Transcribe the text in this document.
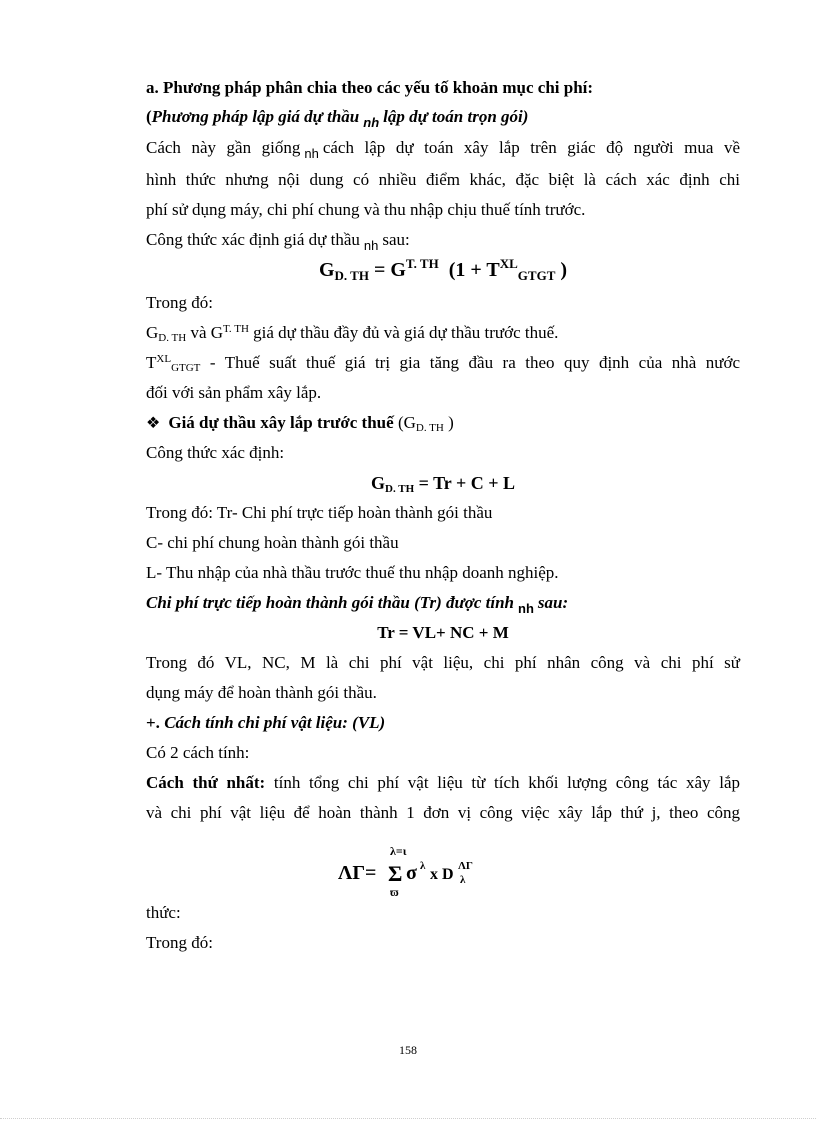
a. Phương pháp phân chia theo các yếu tố khoản mục chi phí:
(Phương pháp lập giá dự thầu $_{nh}$ lập dự toán trọn gói)
Cách này gần giống $_{nh}$ cách lập dự toán xây lắp trên giác độ người mua về
hình thức nhưng nội dung có nhiều điểm khác, đặc biệt là cách xác định chi
phí sử dụng máy, chi phí chung và thu nhập chịu thuế tính trước.
Công thức xác định giá dự thầu $_{nh}$ sau:
$G_{D. TH} = G^{T. TH}$ ($1 + T^{XL}_{GTGT}$ )
Trong đó:
$G_{D. TH}$ và $G^{T. TH}$ giá dự thầu đầy đủ và giá dự thầu trước thuế.
$T^{XL}_{GTGT}$ - Thuế suất thuế giá trị gia tăng đầu ra theo quy định của nhà nước
đối với sản phẩm xây lắp.
❖ Giá dự thầu xây lắp trước thuế ($G_{D. TH}$ )
Công thức xác định:
$G_{D. TH} = Tr + C + L$
Trong đó: Tr- Chi phí trực tiếp hoàn thành gói thầu
C- chi phí chung hoàn thành gói thầu
L- Thu nhập của nhà thầu trước thuế thu nhập doanh nghiệp.
Chi phí trực tiếp hoàn thành gói thầu (Tr) được tính $_{nh}$ sau:
Tr = VL+ NC + M
Trong đó VL, NC, M là chi phí vật liệu, chi phí nhân công và chi phí sử
dụng máy để hoàn thành gói thầu.
+. Cách tính chi phí vật liệu: (VL)
Có 2 cách tính:
Cách thứ nhất: tính tổng chi phí vật liệu từ tích khối lượng công tác xây lắp
và chi phí vật liệu để hoàn thành 1 đơn vị công việc xây lắp thứ j, theo công
ΛΓ=
λ=ι
Σ
ϖ
σ λ x D ΛΓ
λ
thức:
Trong đó:
158
